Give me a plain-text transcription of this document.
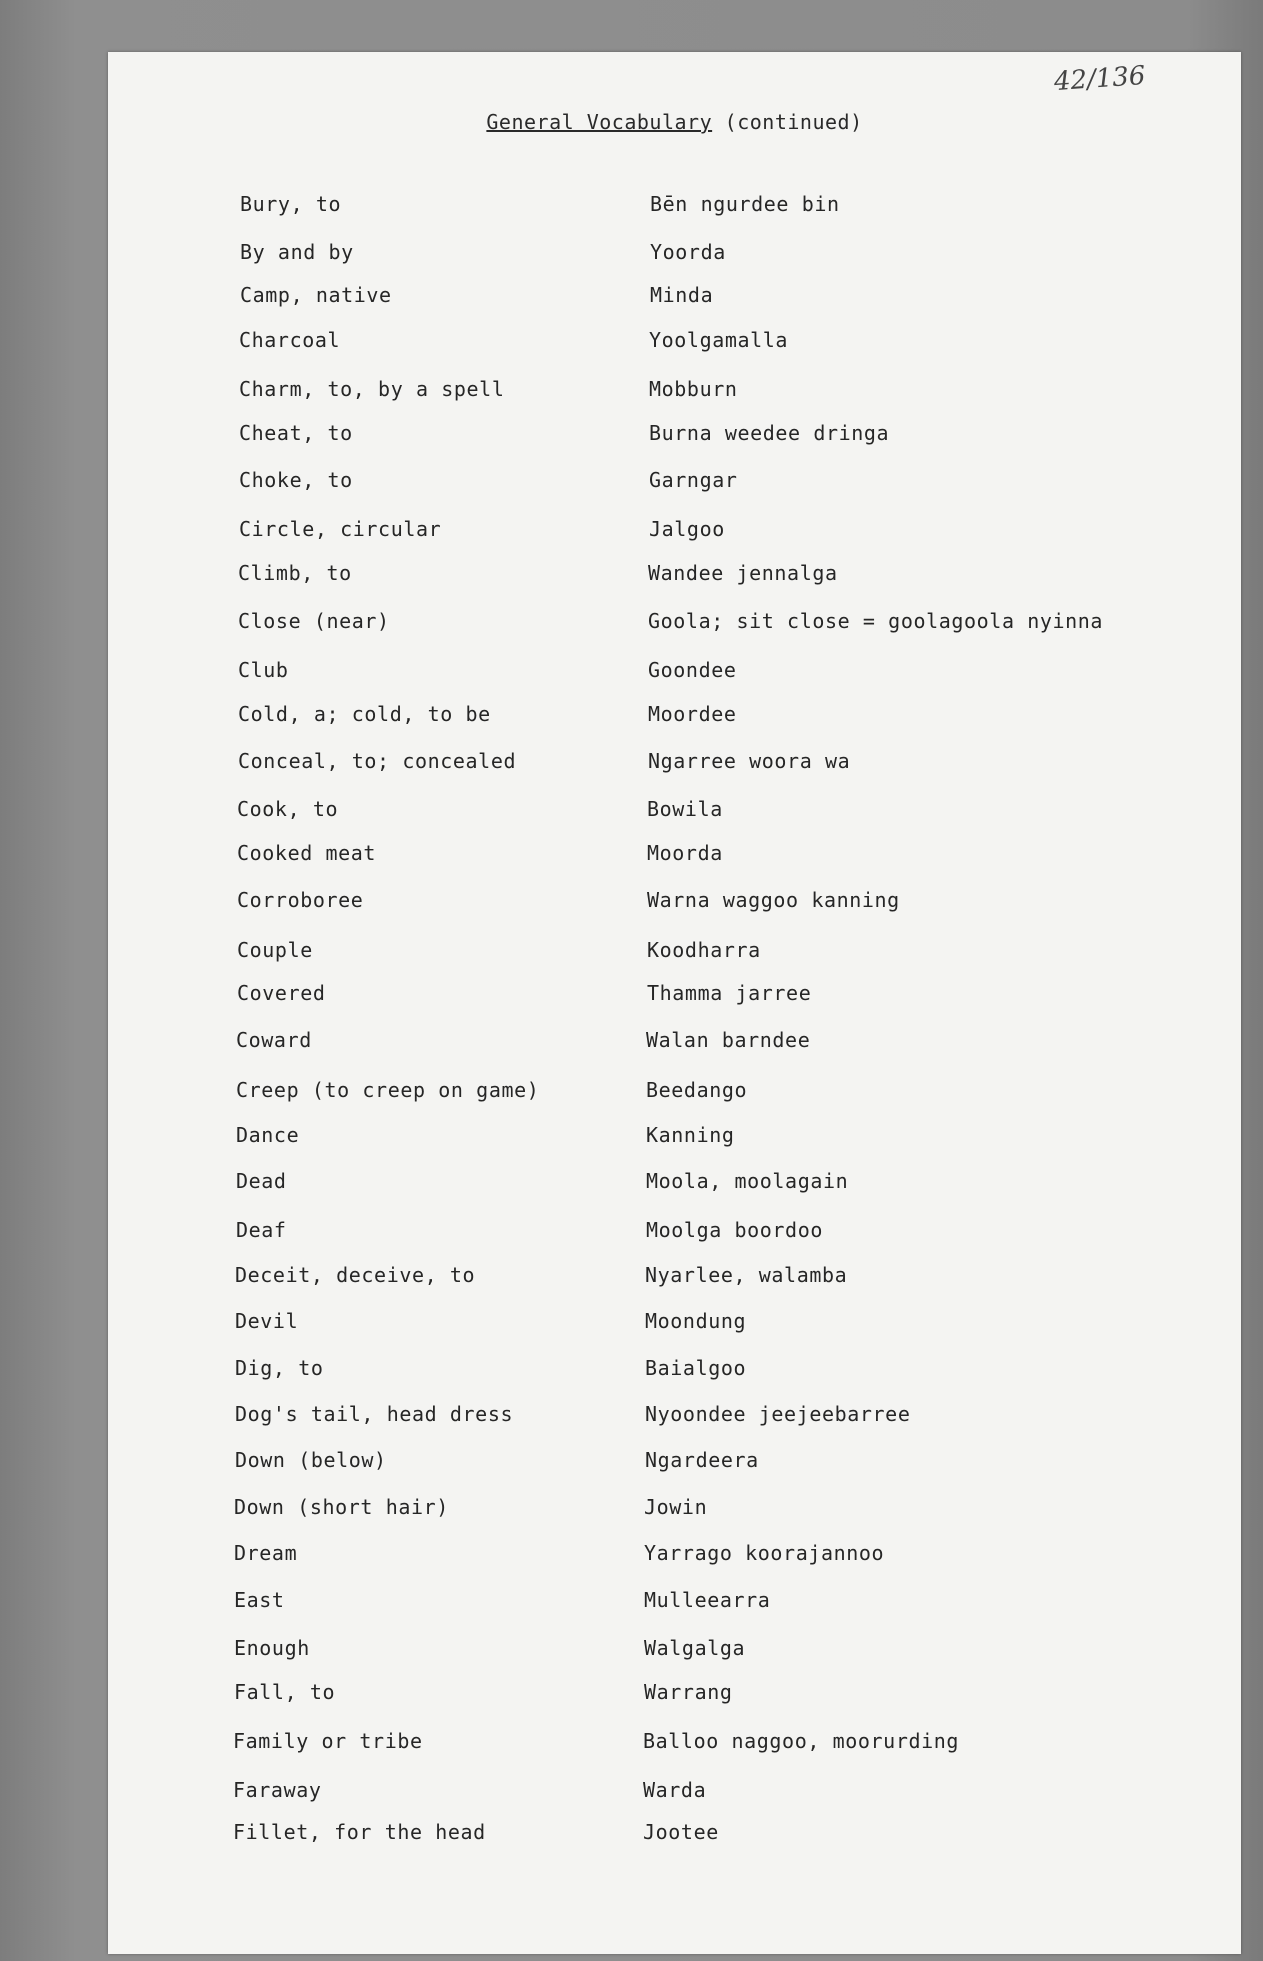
42/136
General Vocabulary (continued)
Bury, to	Bēn ngurdee bin
By and by	Yoorda
Camp, native	Minda
Charcoal	Yoolgamalla
Charm, to, by a spell	Mobburn
Cheat, to	Burna weedee dringa
Choke, to	Garngar
Circle, circular	Jalgoo
Climb, to	Wandee jennalga
Close (near)	Goola; sit close = goolagoola nyinna
Club	Goondee
Cold, a; cold, to be	Moordee
Conceal, to; concealed	Ngarree woora wa
Cook, to	Bowila
Cooked meat	Moorda
Corroboree	Warna waggoo kanning
Couple	Koodharra
Covered	Thamma jarree
Coward	Walan barndee
Creep (to creep on game)	Beedango
Dance	Kanning
Dead	Moola, moolagain
Deaf	Moolga boordoo
Deceit, deceive, to	Nyarlee, walamba
Devil	Moondung
Dig, to	Baialgoo
Dog's tail, head dress	Nyoondee jeejeebarree
Down (below)	Ngardeera
Down (short hair)	Jowin
Dream	Yarrago koorajannoo
East	Mulleearra
Enough	Walgalga
Fall, to	Warrang
Family or tribe	Balloo naggoo, moorurding
Faraway	Warda
Fillet, for the head	Jootee
